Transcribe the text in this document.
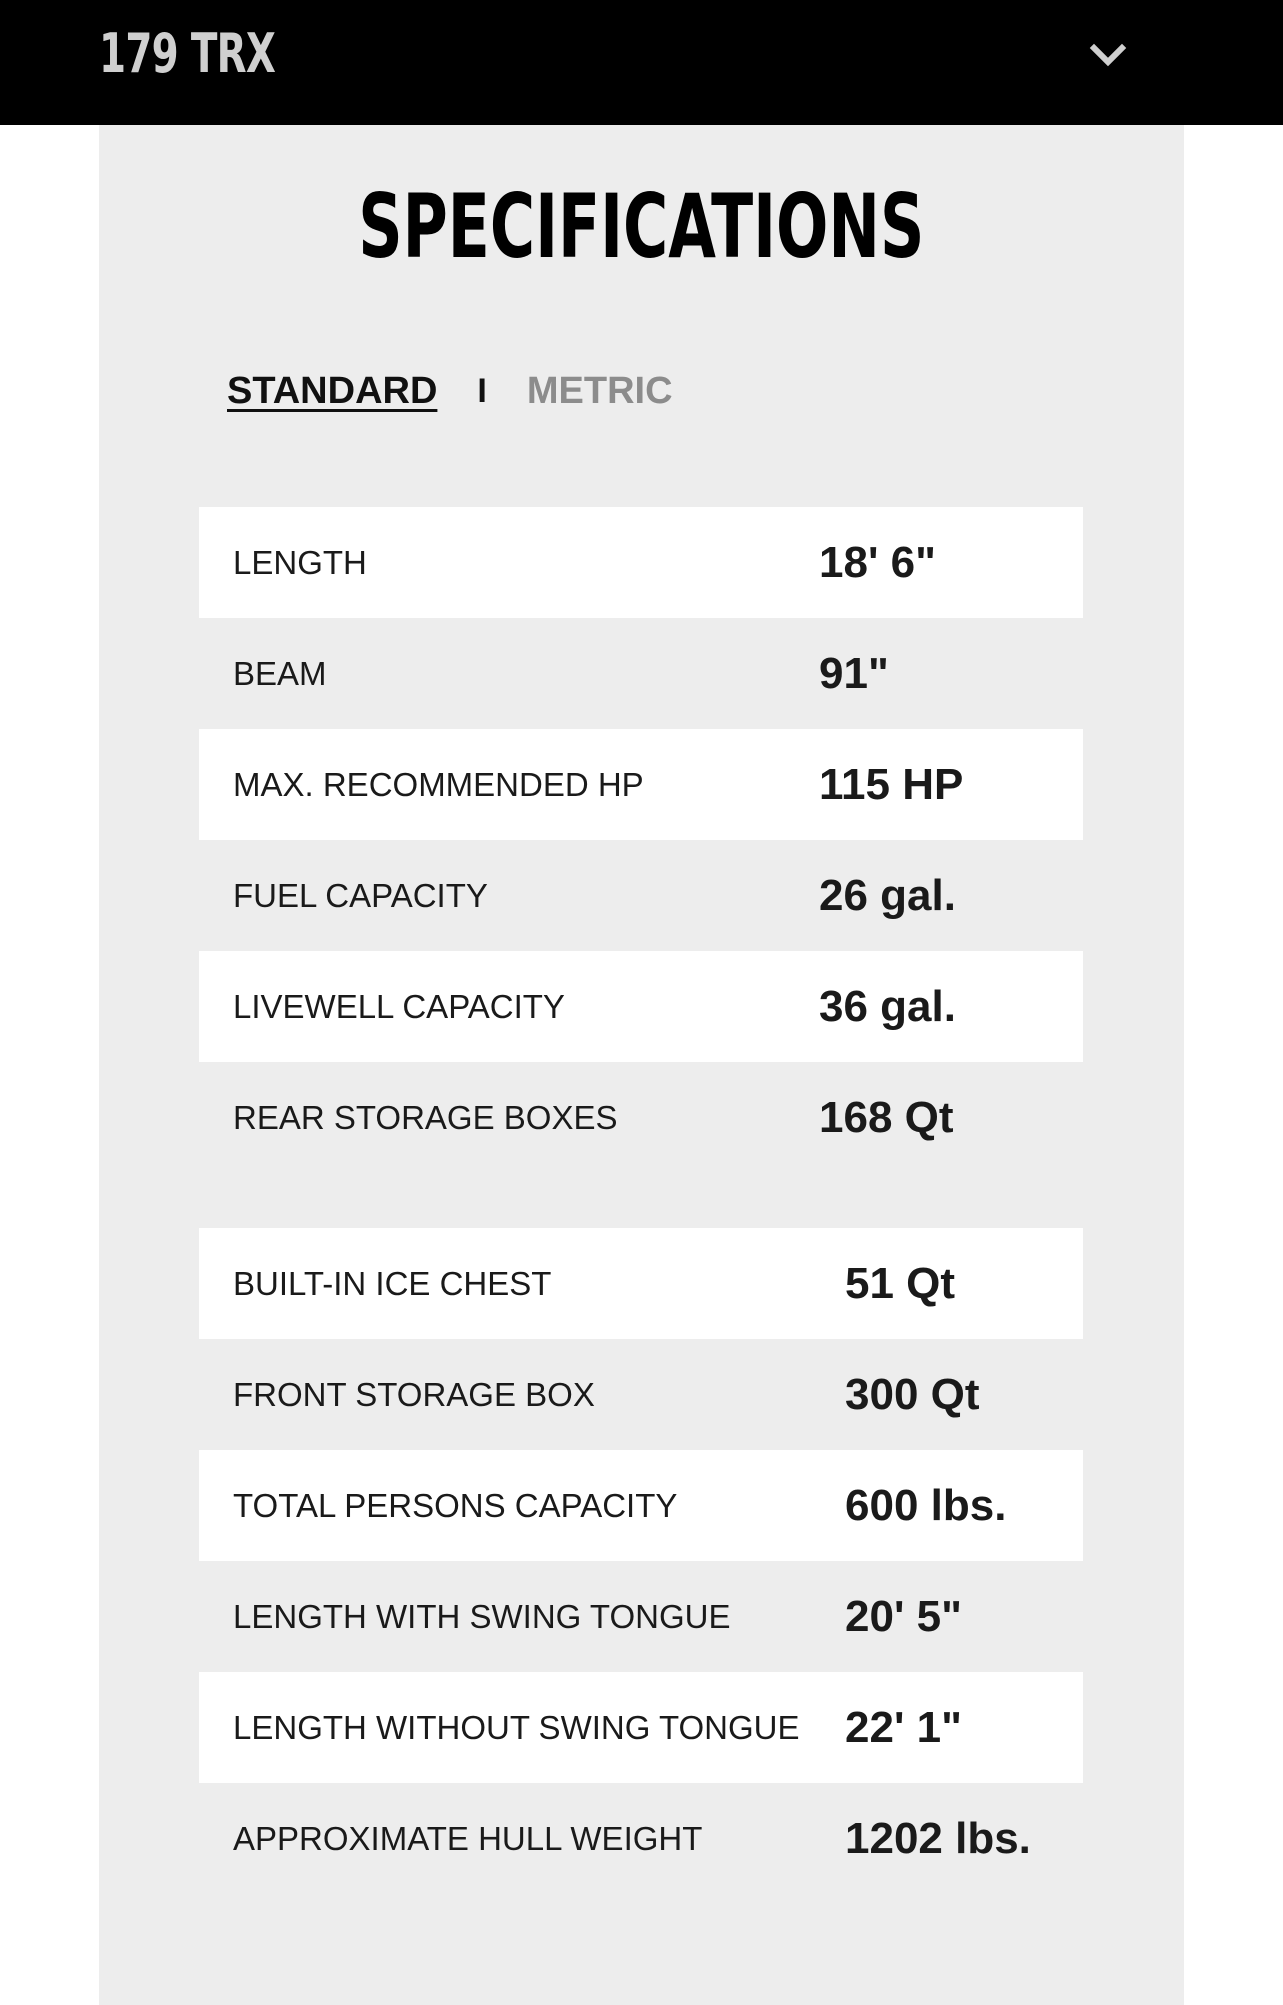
179 TRX
SPECIFICATIONS
STANDARD I METRIC
LENGTH	18' 6"
BEAM	91"
MAX. RECOMMENDED HP	115 HP
FUEL CAPACITY	26 gal.
LIVEWELL CAPACITY	36 gal.
REAR STORAGE BOXES	168 Qt
BUILT-IN ICE CHEST	51 Qt
FRONT STORAGE BOX	300 Qt
TOTAL PERSONS CAPACITY	600 lbs.
LENGTH WITH SWING TONGUE	20' 5"
LENGTH WITHOUT SWING TONGUE 22' 1"
APPROXIMATE HULL WEIGHT	1202 lbs.
